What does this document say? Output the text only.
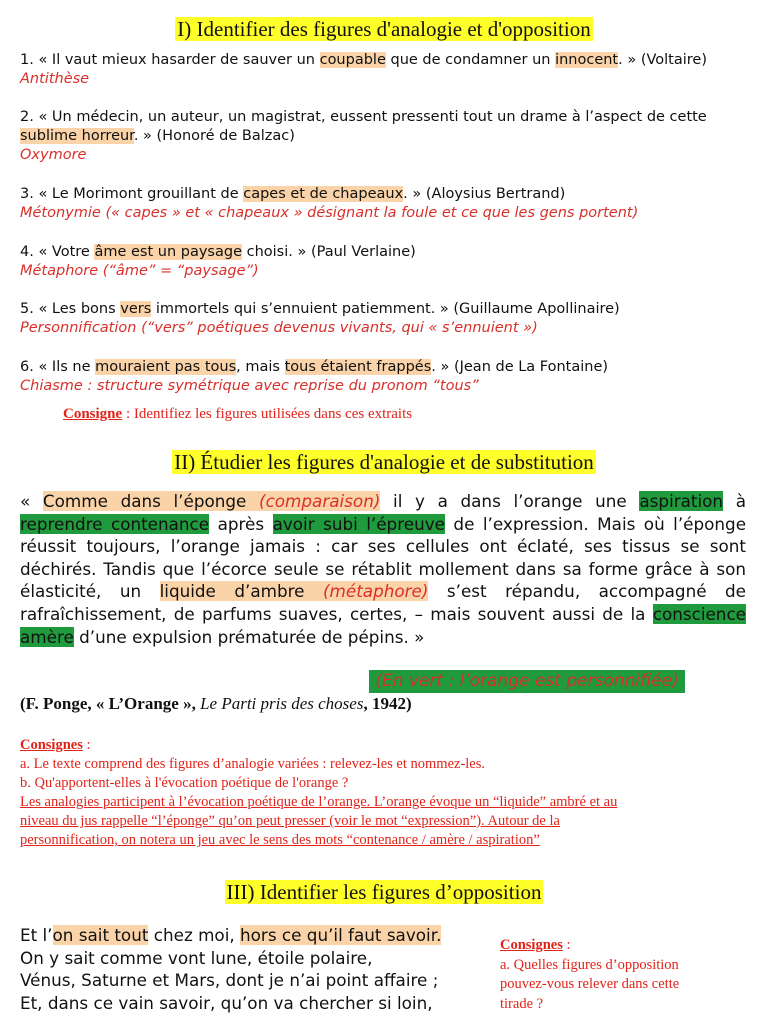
I) Identifier des figures d'analogie et d'opposition
1. « Il vaut mieux hasarder de sauver un coupable que de condamner un innocent. » (Voltaire)
Antithèse
2. « Un médecin, un auteur, un magistrat, eussent pressenti tout un drame à l’aspect de cette sublime horreur. » (Honoré de Balzac)
Oxymore
3. « Le Morimont grouillant de capes et de chapeaux. » (Aloysius Bertrand)
Métonymie (« capes » et « chapeaux » désignant la foule et ce que les gens portent)
4. « Votre âme est un paysage choisi. » (Paul Verlaine)
Métaphore (“âme” = “paysage”)
5. « Les bons vers immortels qui s’ennuient patiemment. » (Guillaume Apollinaire)
Personnification (“vers” poétiques devenus vivants, qui « s’ennuient »)
6. « Ils ne mouraient pas tous, mais tous étaient frappés. » (Jean de La Fontaine)
Chiasme : structure symétrique avec reprise du pronom “tous”
Consigne : Identifiez les figures utilisées dans ces extraits
II) Étudier les figures d'analogie et de substitution
« Comme dans l’éponge (comparaison) il y a dans l’orange une aspiration à reprendre contenance après avoir subi l’épreuve de l’expression. Mais où l’éponge réussit toujours, l’orange jamais : car ses cellules ont éclaté, ses tissus se sont déchirés. Tandis que l’écorce seule se rétablit mollement dans sa forme grâce à son élasticité, un liquide d’ambre (métaphore) s’est répandu, accompagné de rafraîchissement, de parfums suaves, certes, – mais souvent aussi de la conscience amère d’une expulsion prématurée de pépins. »
(En vert : l’orange est personnifiée)
(F. Ponge, « L’Orange », Le Parti pris des choses, 1942)
Consignes :
a. Le texte comprend des figures d’analogie variées : relevez-les et nommez-les.
b. Qu'apportent-elles à l'évocation poétique de l'orange ?
Les analogies participent à l’évocation poétique de l’orange. L’orange évoque un “liquide” ambré et au
niveau du jus rappelle “l’éponge” qu’on peut presser (voir le mot “expression”). Autour de la
personnification, on notera un jeu avec le sens des mots “contenance / amère / aspiration”
III) Identifier les figures d’opposition
Et l’on sait tout chez moi, hors ce qu’il faut savoir.
On y sait comme vont lune, étoile polaire,
Vénus, Saturne et Mars, dont je n’ai point affaire ;
Et, dans ce vain savoir, qu’on va chercher si loin,
Consignes :
a. Quelles figures d’opposition
pouvez-vous relever dans cette
tirade ?
